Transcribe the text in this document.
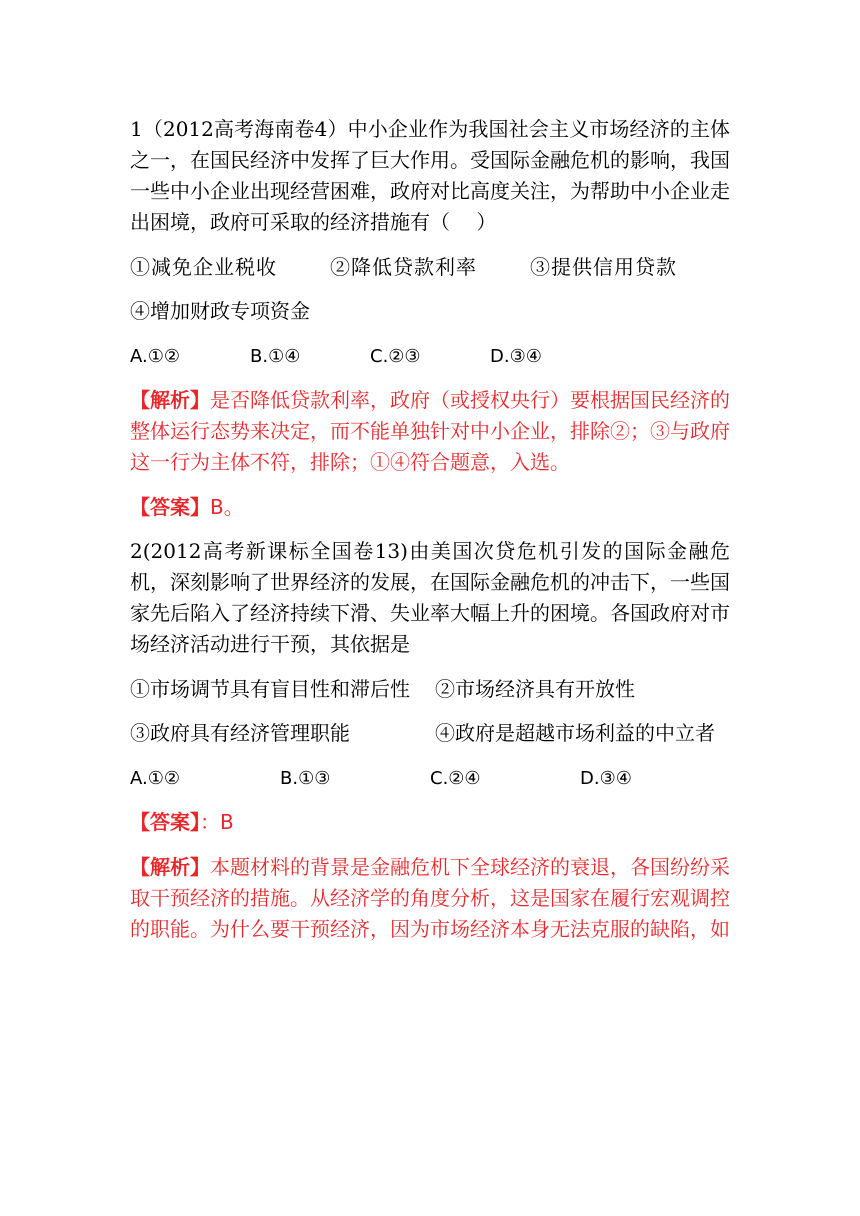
1（2012高考海南卷4）中小企业作为我国社会主义市场经济的主体之一，在国民经济中发挥了巨大作用。受国际金融危机的影响，我国一些中小企业出现经营困难，政府对比高度关注，为帮助中小企业走出困境，政府可采取的经济措施有（　 ）

①减免企业税收	②降低贷款利率	③提供信用贷款

④增加财政专项资金

A.①②	B.①④	C.②③	D.③④

【解析】是否降低贷款利率，政府（或授权央行）要根据国民经济的整体运行态势来决定，而不能单独针对中小企业，排除②；③与政府这一行为主体不符，排除；①④符合题意，入选。

【答案】B。

2(2012高考新课标全国卷13)由美国次贷危机引发的国际金融危机，深刻影响了世界经济的发展，在国际金融危机的冲击下，一些国家先后陷入了经济持续下滑、失业率大幅上升的困境。各国政府对市场经济活动进行干预，其依据是

①市场调节具有盲目性和滞后性	②市场经济具有开放性
③政府具有经济管理职能	④政府是超越市场利益的中立者
A.①②	B.①③	C.②④	D.③④

【答案】：B

【解析】本题材料的背景是金融危机下全球经济的衰退，各国纷纷采取干预经济的措施。从经济学的角度分析，这是国家在履行宏观调控的职能。为什么要干预经济，因为市场经济本身无法克服的缺陷，如
